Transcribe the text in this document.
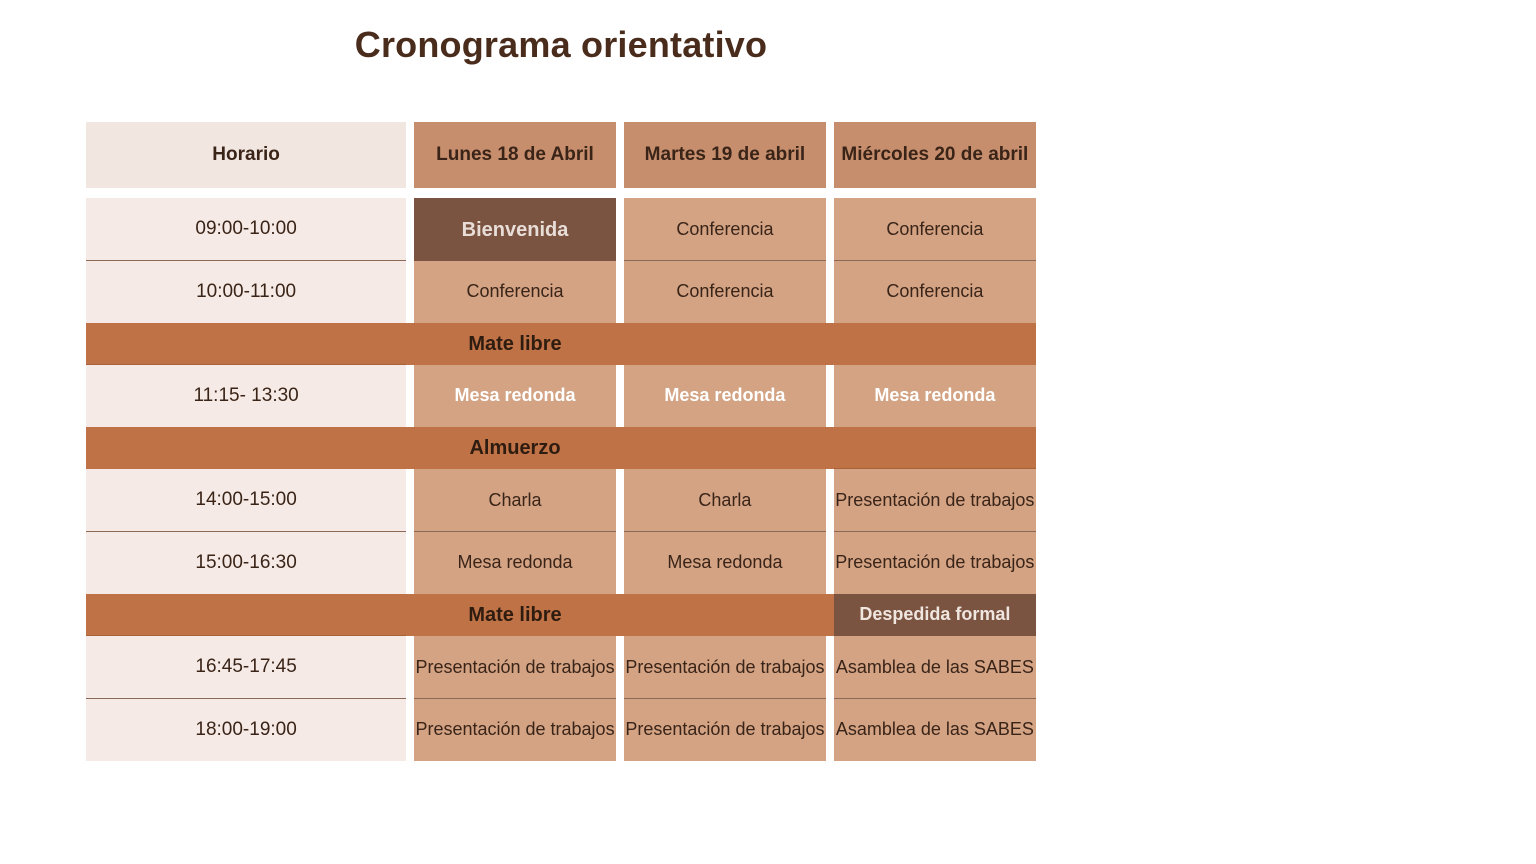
Cronograma orientativo
Horario		Lunes 18 de Abril		Martes 19 de abril		Miércoles 20 de abril

09:00-10:00		Bienvenida		Conferencia		Conferencia
10:00-11:00		Conferencia		Conferencia		Conferencia
		Mate libre				
11:15- 13:30		Mesa redonda		Mesa redonda		Mesa redonda
		Almuerzo				
14:00-15:00		Charla		Charla		Presentación de trabajos
15:00-16:30		Mesa redonda		Mesa redonda		Presentación de trabajos
		Mate libre				Despedida formal
16:45-17:45		Presentación de trabajos		Presentación de trabajos		Asamblea de las SABES
18:00-19:00		Presentación de trabajos		Presentación de trabajos		Asamblea de las SABES
